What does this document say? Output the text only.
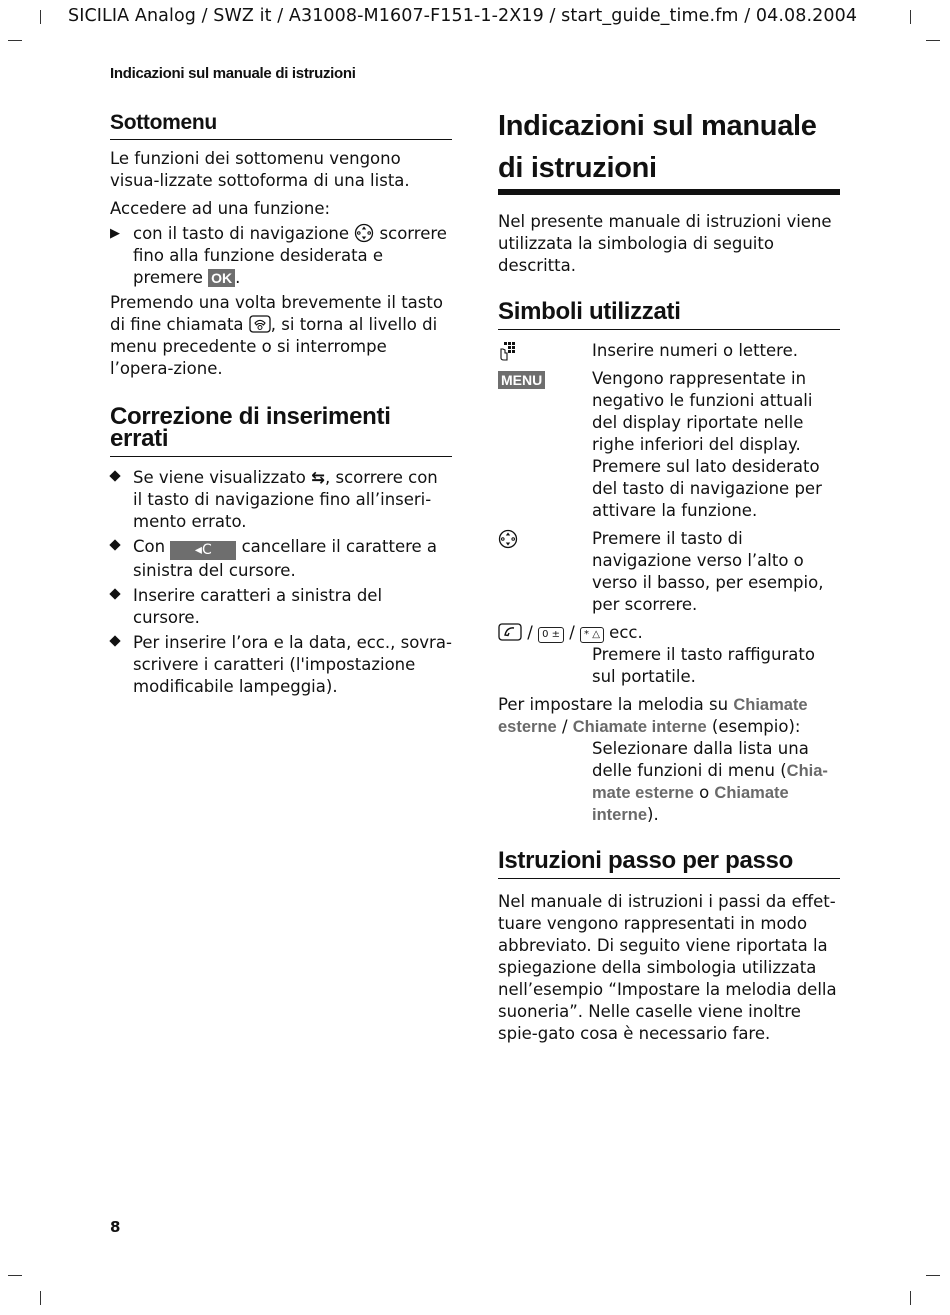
SICILIA Analog / SWZ it / A31008-M1607-F151-1-2X19 / start_guide_time.fm / 04.08.2004
Indicazioni sul manuale di istruzioni
Sottomenu

Le funzioni dei sottomenu vengono visua-lizzate sottoforma di una lista.

Accedere ad una funzione:

▶ con il tasto di navigazione scorrere fino alla funzione desiderata e premere OK .

Premendo una volta brevemente il tasto di fine chiamata , si torna al livello di menu precedente o si interrompe l’opera-zione.

Correzione di inserimenti errati
Se viene visualizzato ⇆, scorrere con il tasto di navigazione fino all’inseri-mento errato.
Con ◂C cancellare il carattere a sinistra del cursore.
Inserire caratteri a sinistra del cursore.
Per inserire l’ora e la data, ecc., sovra-scrivere i caratteri (l'impostazione modificabile lampeggia).
Indicazioni sul manuale di istruzioni

Nel presente manuale di istruzioni viene utilizzata la simbologia di seguito descritta.

Simboli utilizzati
Inserire numeri o lettere.
MENU	Vengono rappresentate in negativo le funzioni attuali del display riportate nelle righe inferiori del display. Premere sul lato desiderato del tasto di navigazione per attivare la funzione.
Premere il tasto di navigazione verso l’alto o verso il basso, per esempio, per scorrere.
/ 0 ± / * △ ecc.
Premere il tasto raffigurato sul portatile.

Per impostare la melodia su Chiamate esterne / Chiamate interne (esempio):

Selezionare dalla lista una delle funzioni di menu (Chia-mate esterne o Chiamate interne).
Istruzioni passo per passo

Nel manuale di istruzioni i passi da effet-tuare vengono rappresentati in modo abbreviato. Di seguito viene riportata la spiegazione della simbologia utilizzata nell’esempio “Impostare la melodia della suoneria”. Nelle caselle viene inoltre spie-gato cosa è necessario fare.

8
